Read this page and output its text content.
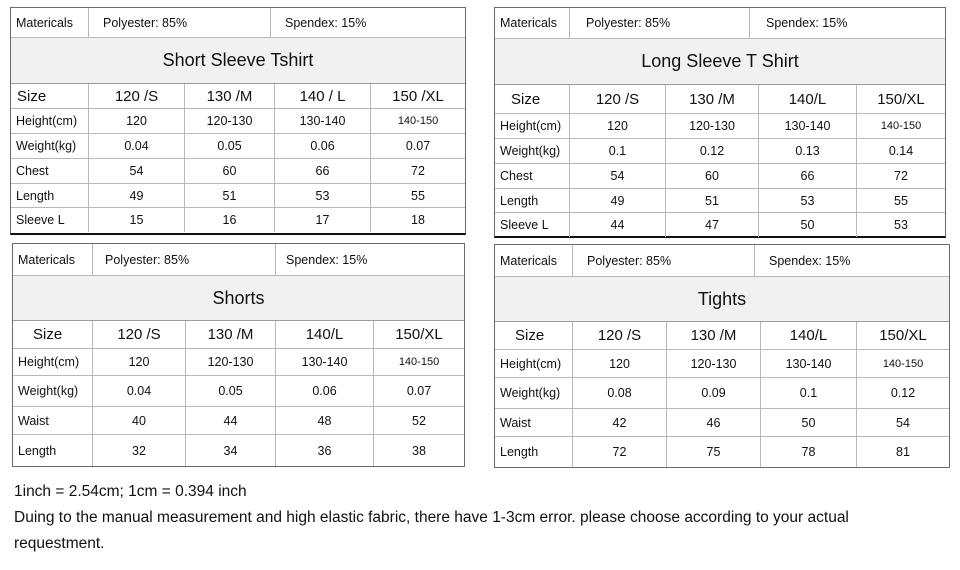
Matericals	Polyester: 85%	Spendex: 15%
Short Sleeve Tshirt
Size	120 /S	130 /M	140 / L	150 /XL
Height(cm)	120	120-130	130-140	140-150
Weight(kg)	0.04	0.05	0.06	0.07
Chest	54	60	66	72
Length	49	51	53	55
Sleeve L	15	16	17	18
Matericals	Polyester: 85%	Spendex: 15%
Long Sleeve T Shirt
Size	120 /S	130 /M	140/L	150/XL
Height(cm)	120	120-130	130-140	140-150
Weight(kg)	0.1	0.12	0.13	0.14
Chest	54	60	66	72
Length	49	51	53	55
Sleeve L	44	47	50	53
Matericals	Polyester: 85%	Spendex: 15%
Shorts
Size	120 /S	130 /M	140/L	150/XL
Height(cm)	120	120-130	130-140	140-150
Weight(kg)	0.04	0.05	0.06	0.07
Waist	40	44	48	52
Length	32	34	36	38
Matericals	Polyester: 85%	Spendex: 15%
Tights
Size	120 /S	130 /M	140/L	150/XL
Height(cm)	120	120-130	130-140	140-150
Weight(kg)	0.08	0.09	0.1	0.12
Waist	42	46	50	54
Length	72	75	78	81
1inch = 2.54cm; 1cm = 0.394 inch
Duing to the manual measurement and high elastic fabric, there have 1-3cm error. please choose according to your actual
requestment.
